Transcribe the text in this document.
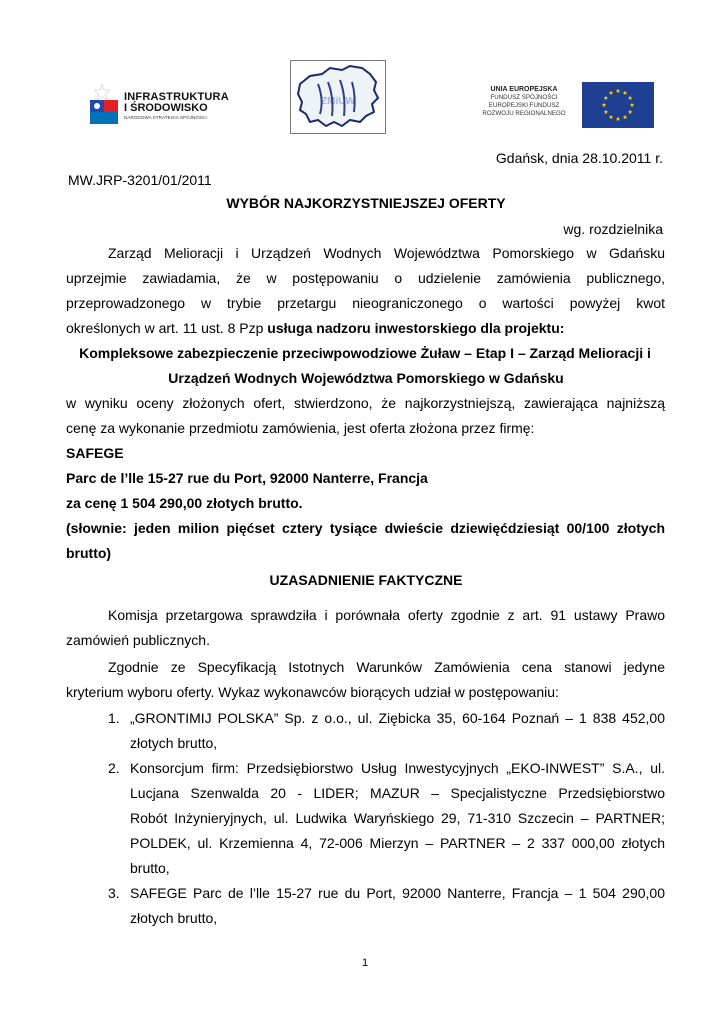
INFRASTRUKTURA
I ŚRODOWISKO
NARODOWA STRATEGIA SPÓJNOŚCI
ZMiUW
UNIA EUROPEJSKA
FUNDUSZ SPÓJNOŚCI
EUROPEJSKI FUNDUSZ
ROZWOJU REGIONALNEGO
Gdańsk, dnia 28.10.2011 r.
MW.JRP-3201/01/2011
WYBÓR NAJKORZYSTNIEJSZEJ OFERTY
wg. rozdzielnika
Zarząd Melioracji i Urządzeń Wodnych Województwa Pomorskiego w Gdańsku
uprzejmie zawiadamia, że w postępowaniu o udzielenie zamówienia publicznego,
przeprowadzonego w trybie przetargu nieograniczonego o wartości powyżej kwot
określonych w art. 11 ust. 8 Pzp usługa nadzoru inwestorskiego dla projektu:
Kompleksowe zabezpieczenie przeciwpowodziowe Żuław – Etap I – Zarząd Melioracji i
Urządzeń Wodnych Województwa Pomorskiego w Gdańsku
w wyniku oceny złożonych ofert, stwierdzono, że najkorzystniejszą, zawierająca najniższą
cenę za wykonanie przedmiotu zamówienia, jest oferta złożona przez firmę:
SAFEGE
Parc de l’lle 15-27 rue du Port, 92000 Nanterre, Francja
za cenę 1 504 290,00 złotych brutto.
(słownie: jeden milion pięćset cztery tysiące dwieście dziewięćdziesiąt 00/100 złotych
brutto)
UZASADNIENIE FAKTYCZNE
Komisja przetargowa sprawdziła i porównała oferty zgodnie z art. 91 ustawy Prawo
zamówień publicznych.
Zgodnie ze Specyfikacją Istotnych Warunków Zamówienia cena stanowi jedyne
kryterium wyboru oferty. Wykaz wykonawców biorących udział w postępowaniu:
1. „GRONTIMIJ POLSKA” Sp. z o.o., ul. Ziębicka 35, 60-164 Poznań – 1 838 452,00
złotych brutto,
2. Konsorcjum firm: Przedsiębiorstwo Usług Inwestycyjnych „EKO-INWEST” S.A., ul.
Lucjana Szenwalda 20 - LIDER; MAZUR – Specjalistyczne Przedsiębiorstwo
Robót Inżynieryjnych, ul. Ludwika Waryńskiego 29, 71-310 Szczecin – PARTNER;
POLDEK, ul. Krzemienna 4, 72-006 Mierzyn – PARTNER – 2 337 000,00 złotych
brutto,
3. SAFEGE Parc de l’lle 15-27 rue du Port, 92000 Nanterre, Francja – 1 504 290,00
złotych brutto,
1
